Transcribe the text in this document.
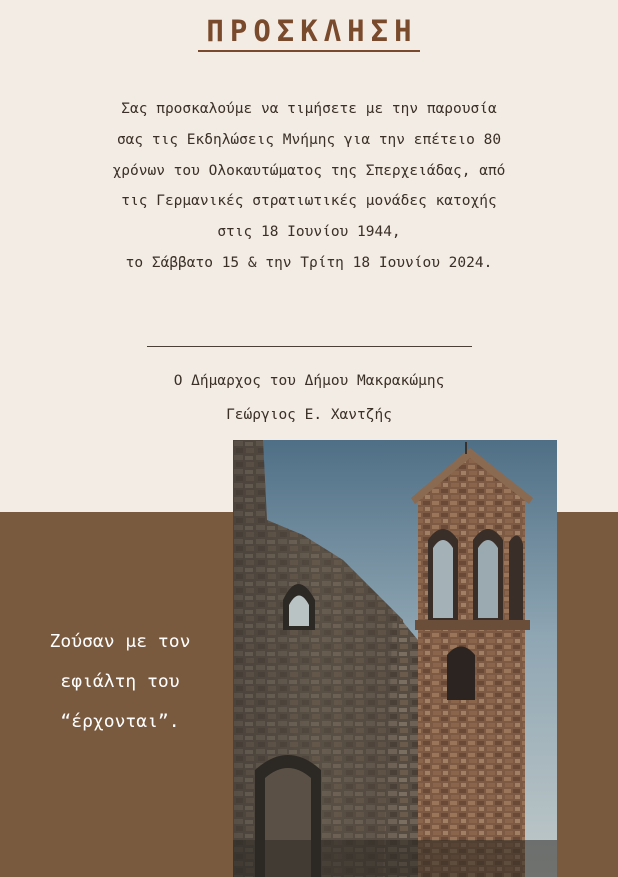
ΠΡΟΣΚΛΗΣΗ
Σας προσκαλούμε να τιμήσετε με την παρουσία
σας τις Εκδηλώσεις Μνήμης για την επέτειο 80
χρόνων του Ολοκαυτώματος της Σπερχειάδας, από
τις Γερμανικές στρατιωτικές μονάδες κατοχής
στις 18 Ιουνίου 1944,
το Σάββατο 15 & την Τρίτη 18 Ιουνίου 2024.
Ο Δήμαρχος του Δήμου Μακρακώμης
Γεώργιος Ε. Χαντζής
Ζούσαν με τον
εφιάλτη του
“έρχονται”.
